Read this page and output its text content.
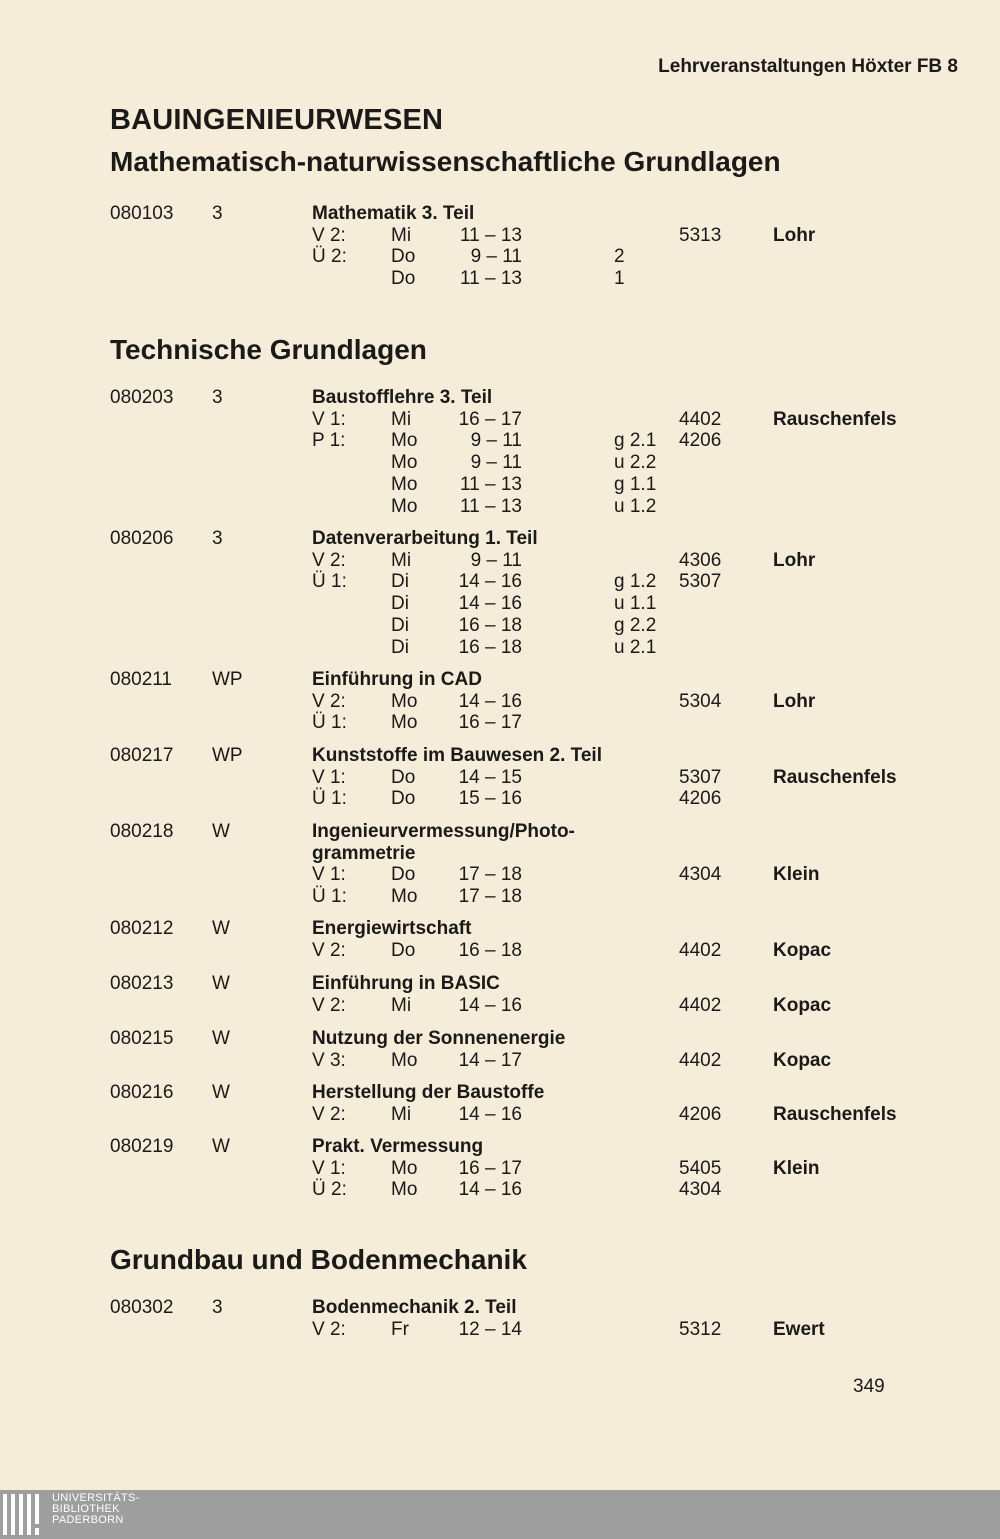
Lehrveranstaltungen Höxter FB 8
BAUINGENIEURWESEN
Mathematisch-naturwissenschaftliche Grundlagen
080103 3	Mathematik 3. Teil
V 2: Mi	11 – 13	5313	Lohr
Ü 2: Do	9 – 11	2
Do 11 – 13	1
Technische Grundlagen
080203 3	Baustofflehre 3. Teil
V 1: Mi	16 – 17	4402	Rauschenfels
P 1: Mo	9 – 11	g 2.1 4206
Mo	9 – 11	u 2.2
Mo 11 – 13	g 1.1
Mo 11 – 13	u 1.2
080206 3	Datenverarbeitung 1. Teil
V 2: Mi	9 – 11	4306	Lohr
Ü 1: Di	14 – 16	g 1.2 5307
Di	14 – 16	u 1.1
Di	16 – 18	g 2.2
Di	16 – 18	u 2.1
080211 WP	Einführung in CAD
V 2: Mo 14 – 16	5304	Lohr
Ü 1: Mo 16 – 17
080217 WP	Kunststoffe im Bauwesen 2. Teil
V 1: Do 14 – 15	5307	Rauschenfels
Ü 1: Do 15 – 16	4206
080218 W	Ingenieurvermessung/Photo-
grammetrie
V 1: Do 17 – 18	4304	Klein
Ü 1: Mo 17 – 18
080212 W	Energiewirtschaft
V 2: Do 16 – 18	4402	Kopac
080213 W	Einführung in BASIC
V 2: Mi	14 – 16	4402	Kopac
080215 W	Nutzung der Sonnenenergie
V 3: Mo 14 – 17	4402	Kopac
080216 W	Herstellung der Baustoffe
V 2: Mi	14 – 16	4206	Rauschenfels
080219 W	Prakt. Vermessung
V 1: Mo 16 – 17	5405	Klein
Ü 2: Mo 14 – 16	4304
Grundbau und Bodenmechanik
080302 3	Bodenmechanik 2. Teil
V 2: Fr	12 – 14	5312	Ewert
349
UNIVERSITÄTS-
BIBLIOTHEK
PADERBORN
